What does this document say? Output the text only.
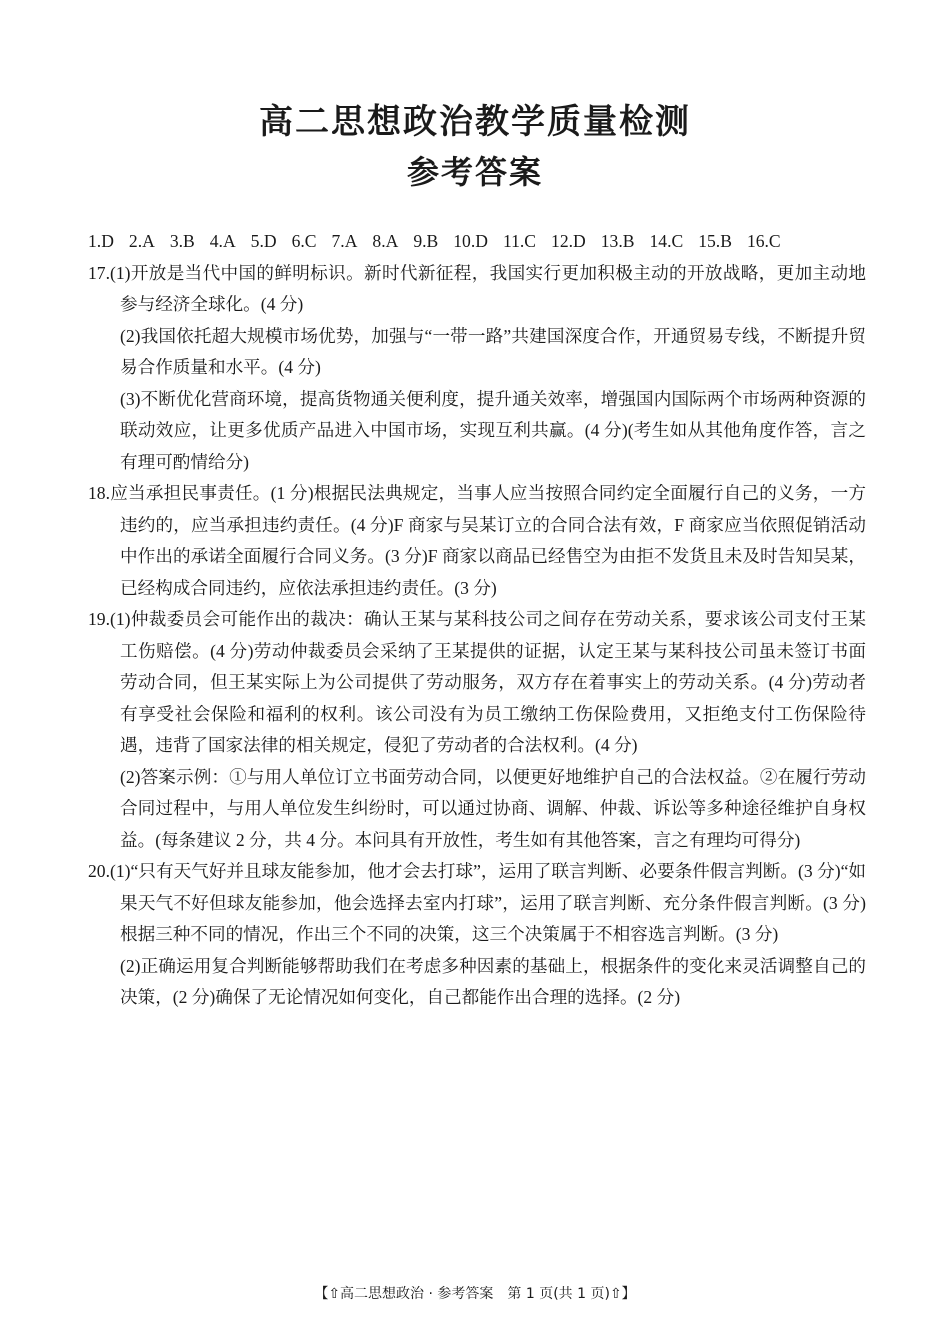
高二思想政治教学质量检测
参考答案
1.D 2.A 3.B 4.A 5.D 6.C 7.A 8.A 9.B 10.D 11.C 12.D 13.B 14.C 15.B 16.C

17.(1)开放是当代中国的鲜明标识。新时代新征程，我国实行更加积极主动的开放战略，更加主动地参与经济全球化。(4 分)

(2)我国依托超大规模市场优势，加强与“一带一路”共建国深度合作，开通贸易专线，不断提升贸易合作质量和水平。(4 分)

(3)不断优化营商环境，提高货物通关便利度，提升通关效率，增强国内国际两个市场两种资源的联动效应，让更多优质产品进入中国市场，实现互利共赢。(4 分)(考生如从其他角度作答，言之有理可酌情给分)

18.应当承担民事责任。(1 分)根据民法典规定，当事人应当按照合同约定全面履行自己的义务，一方违约的，应当承担违约责任。(4 分)F 商家与吴某订立的合同合法有效，F 商家应当依照促销活动中作出的承诺全面履行合同义务。(3 分)F 商家以商品已经售空为由拒不发货且未及时告知吴某，已经构成合同违约，应依法承担违约责任。(3 分)

19.(1)仲裁委员会可能作出的裁决：确认王某与某科技公司之间存在劳动关系，要求该公司支付王某工伤赔偿。(4 分)劳动仲裁委员会采纳了王某提供的证据，认定王某与某科技公司虽未签订书面劳动合同，但王某实际上为公司提供了劳动服务，双方存在着事实上的劳动关系。(4 分)劳动者有享受社会保险和福利的权利。该公司没有为员工缴纳工伤保险费用，又拒绝支付工伤保险待遇，违背了国家法律的相关规定，侵犯了劳动者的合法权利。(4 分)

(2)答案示例：①与用人单位订立书面劳动合同，以便更好地维护自己的合法权益。②在履行劳动合同过程中，与用人单位发生纠纷时，可以通过协商、调解、仲裁、诉讼等多种途径维护自身权益。(每条建议 2 分，共 4 分。本问具有开放性，考生如有其他答案，言之有理均可得分)

20.(1)“只有天气好并且球友能参加，他才会去打球”，运用了联言判断、必要条件假言判断。(3 分)“如果天气不好但球友能参加，他会选择去室内打球”，运用了联言判断、充分条件假言判断。(3 分)根据三种不同的情况，作出三个不同的决策，这三个决策属于不相容选言判断。(3 分)

(2)正确运用复合判断能够帮助我们在考虑多种因素的基础上，根据条件的变化来灵活调整自己的决策，(2 分)确保了无论情况如何变化，自己都能作出合理的选择。(2 分)

【⇧高二思想政治 · 参考答案　第 1 页(共 1 页)⇧】
